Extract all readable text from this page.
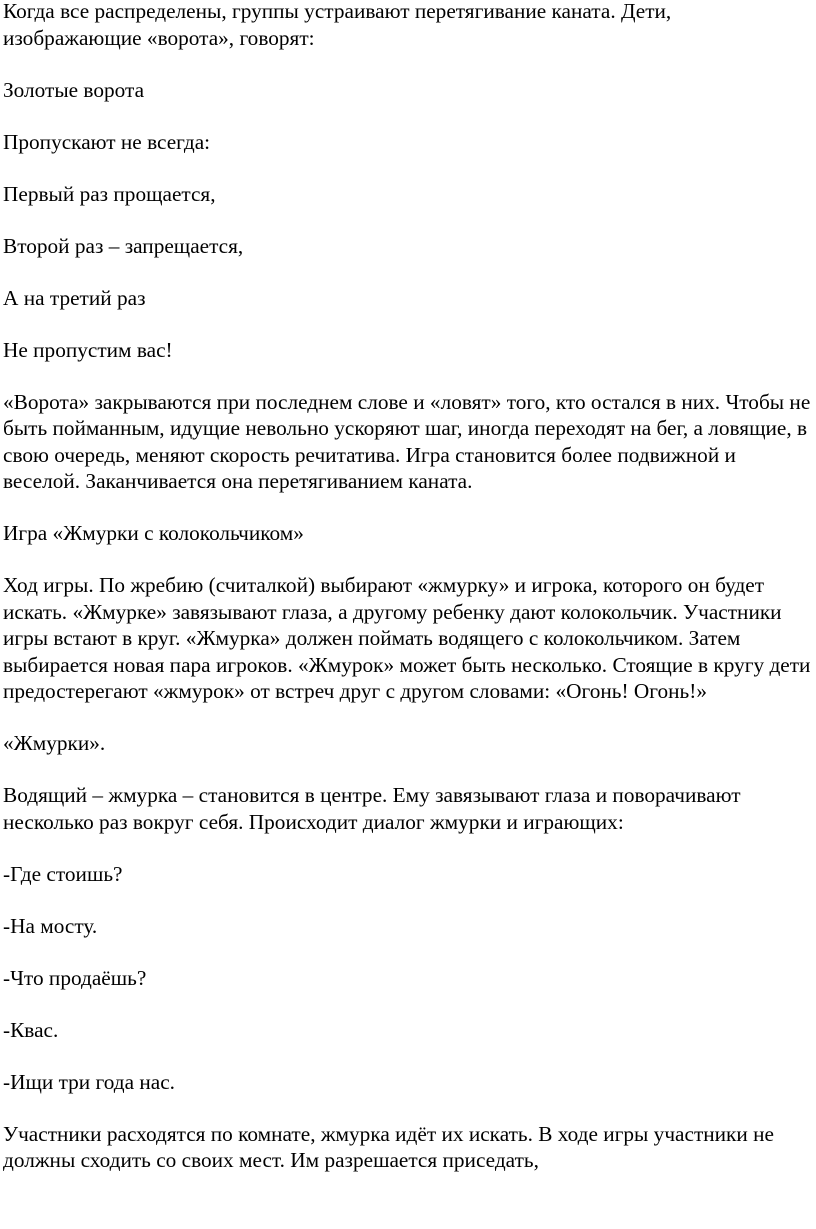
Когда все распределены, группы устраивают перетягивание каната. Дети, изображающие «ворота», говорят:

Золотые ворота

Пропускают не всегда:

Первый раз прощается,

Второй раз – запрещается,

А на третий раз

Не пропустим вас!

«Ворота» закрываются при последнем слове и «ловят» того, кто остался в них. Чтобы не быть пойманным, идущие невольно ускоряют шаг, иногда переходят на бег, а ловящие, в свою очередь, меняют скорость речитатива. Игра становится более подвижной и веселой. Заканчивается она перетягиванием каната.

Игра «Жмурки с колокольчиком»

Ход игры. По жребию (считалкой) выбирают «жмурку» и игрока, которого он будет искать. «Жмурке» завязывают глаза, а другому ребенку дают колокольчик. Участники игры встают в круг. «Жмурка» должен поймать водящего с колокольчиком. Затем выбирается новая пара игроков. «Жмурок» может быть несколько. Стоящие в кругу дети предостерегают «жмурок» от встреч друг с другом словами: «Огонь! Огонь!»

«Жмурки».

Водящий – жмурка – становится в центре. Ему завязывают глаза и поворачивают несколько раз вокруг себя. Происходит диалог жмурки и играющих:

-Где стоишь?

-На мосту.

-Что продаёшь?

-Квас.

-Ищи три года нас.

Участники расходятся по комнате, жмурка идёт их искать. В ходе игры участники не должны сходить со своих мест. Им разрешается приседать,
